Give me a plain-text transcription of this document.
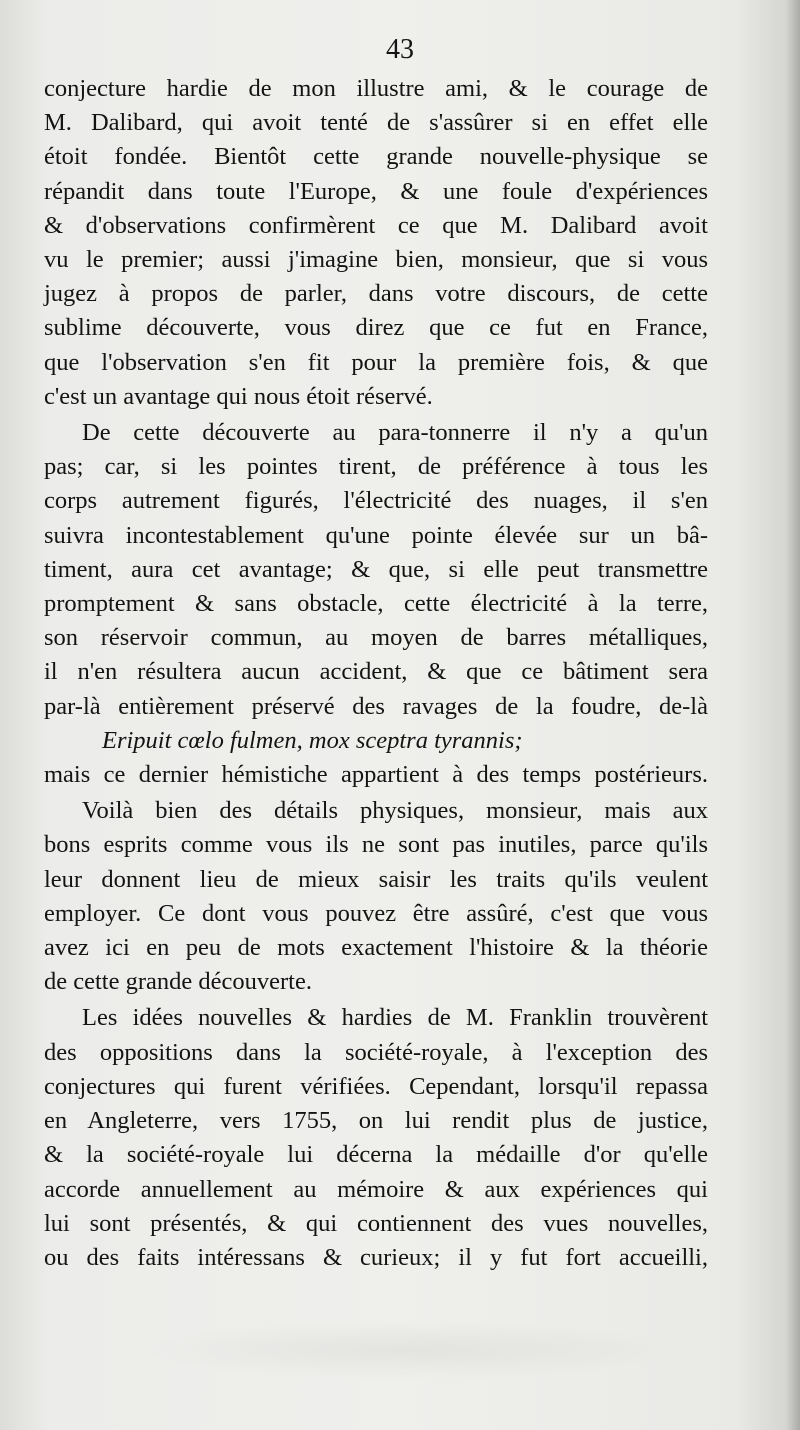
43
conjecture hardie de mon illustre ami, & le courage de
M. Dalibard, qui avoit tenté de s'assûrer si en effet elle
étoit fondée. Bientôt cette grande nouvelle-physique se
répandit dans toute l'Europe, & une foule d'expériences
& d'observations confirmèrent ce que M. Dalibard avoit
vu le premier; aussi j'imagine bien, monsieur, que si vous
jugez à propos de parler, dans votre discours, de cette
sublime découverte, vous direz que ce fut en France,
que l'observation s'en fit pour la première fois, & que
c'est un avantage qui nous étoit réservé.
De cette découverte au para-tonnerre il n'y a qu'un
pas; car, si les pointes tirent, de préférence à tous les
corps autrement figurés, l'électricité des nuages, il s'en
suivra incontestablement qu'une pointe élevée sur un bâ-
timent, aura cet avantage; & que, si elle peut transmettre
promptement & sans obstacle, cette électricité à la terre,
son réservoir commun, au moyen de barres métalliques,
il n'en résultera aucun accident, & que ce bâtiment sera
par-là entièrement préservé des ravages de la foudre, de-là
Eripuit cœlo fulmen, mox sceptra tyrannis;
mais ce dernier hémistiche appartient à des temps postérieurs.
Voilà bien des détails physiques, monsieur, mais aux
bons esprits comme vous ils ne sont pas inutiles, parce qu'ils
leur donnent lieu de mieux saisir les traits qu'ils veulent
employer. Ce dont vous pouvez être assûré, c'est que vous
avez ici en peu de mots exactement l'histoire & la théorie
de cette grande découverte.
Les idées nouvelles & hardies de M. Franklin trouvèrent
des oppositions dans la société-royale, à l'exception des
conjectures qui furent vérifiées. Cependant, lorsqu'il repassa
en Angleterre, vers 1755, on lui rendit plus de justice,
& la société-royale lui décerna la médaille d'or qu'elle
accorde annuellement au mémoire & aux expériences qui
lui sont présentés, & qui contiennent des vues nouvelles,
ou des faits intéressans & curieux; il y fut fort accueilli,
